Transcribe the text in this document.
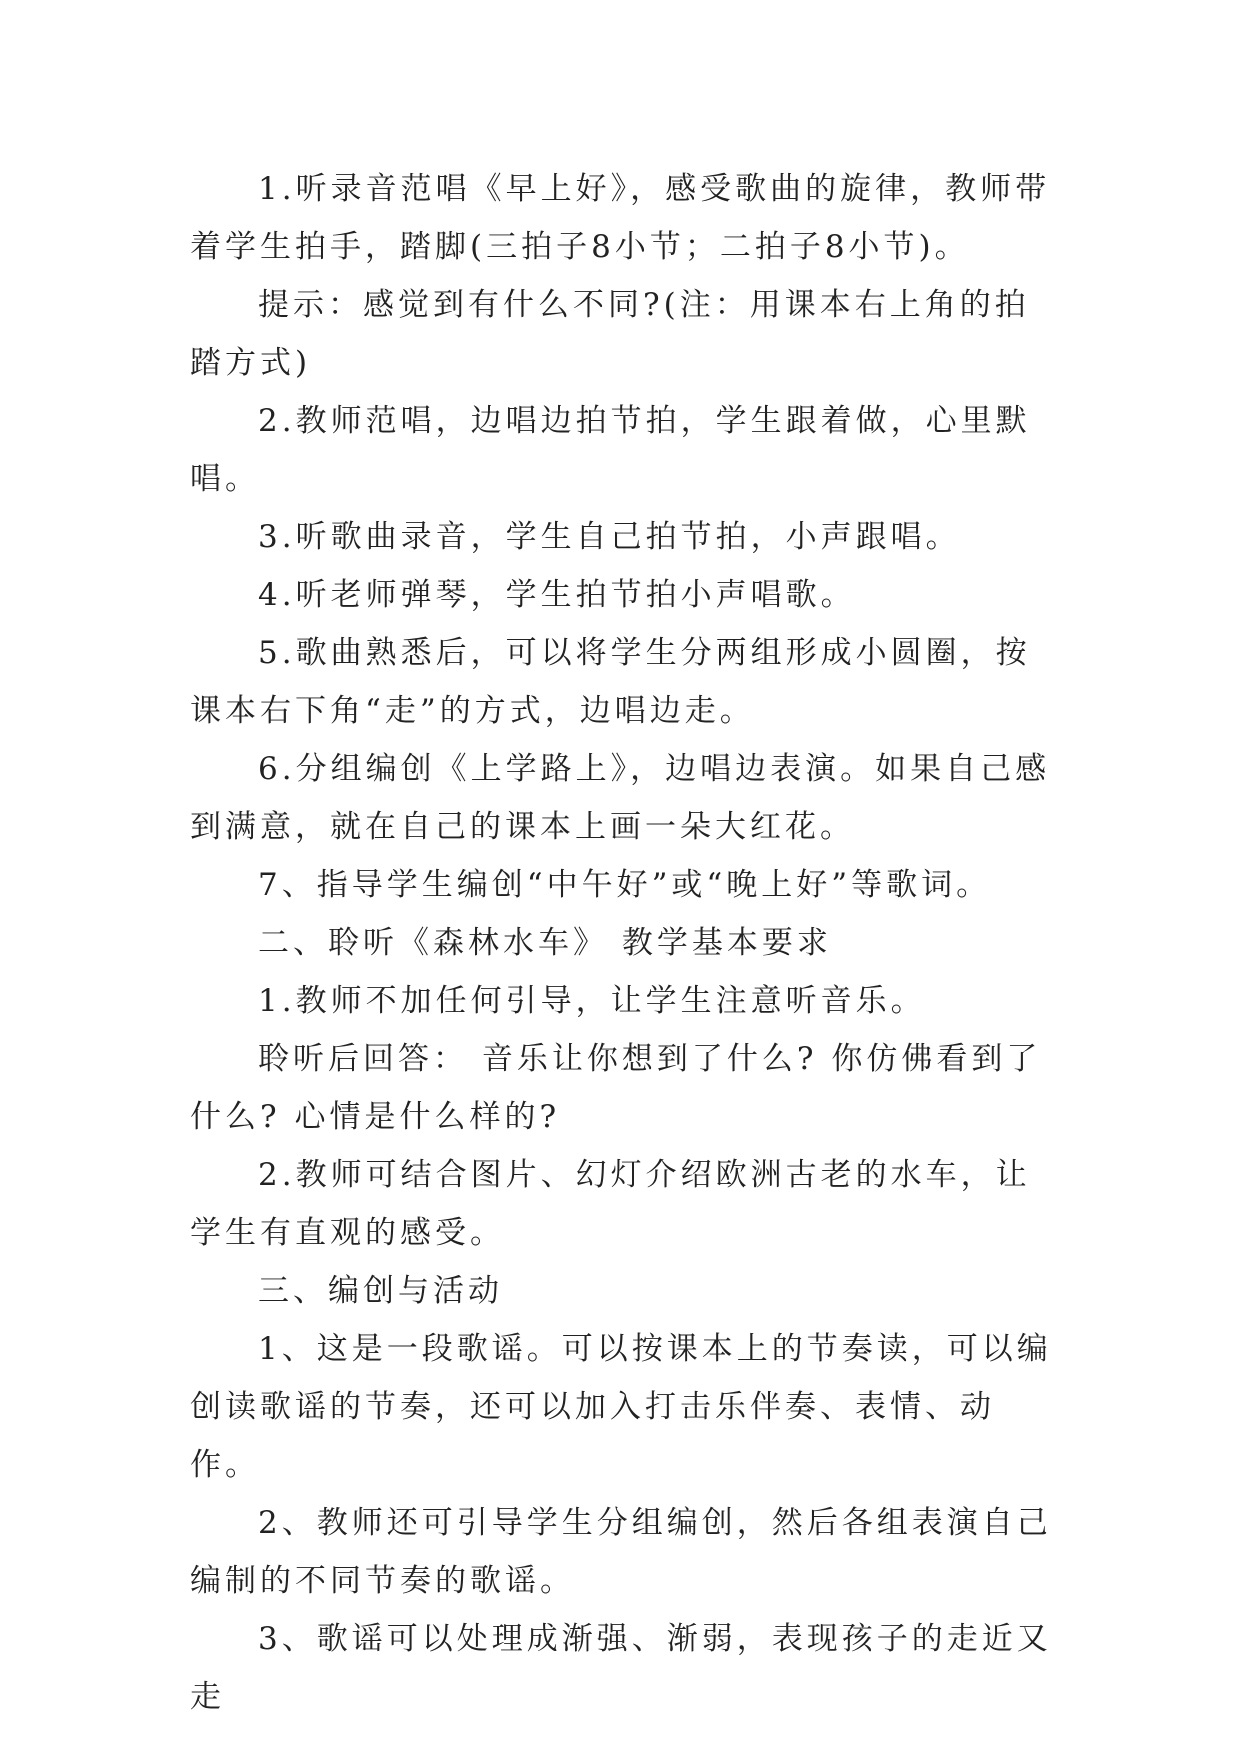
1.听录音范唱《早上好》，感受歌曲的旋律，教师带着学生拍手，踏脚(三拍子8小节；二拍子8小节)。

提示：感觉到有什么不同?(注：用课本右上角的拍踏方式)

2.教师范唱，边唱边拍节拍，学生跟着做，心里默唱。

3.听歌曲录音，学生自己拍节拍，小声跟唱。

4.听老师弹琴，学生拍节拍小声唱歌。

5.歌曲熟悉后，可以将学生分两组形成小圆圈，按课本右下角“走”的方式，边唱边走。

6.分组编创《上学路上》，边唱边表演。如果自己感到满意，就在自己的课本上画一朵大红花。

7、指导学生编创“中午好”或“晚上好”等歌词。

二、聆听《森林水车》 教学基本要求

1.教师不加任何引导，让学生注意听音乐。

聆听后回答： 音乐让你想到了什么? 你仿佛看到了什么? 心情是什么样的?

2.教师可结合图片、幻灯介绍欧洲古老的水车，让学生有直观的感受。

三、编创与活动

1、这是一段歌谣。可以按课本上的节奏读，可以编创读歌谣的节奏，还可以加入打击乐伴奏、表情、动作。

2、教师还可引导学生分组编创，然后各组表演自己编制的不同节奏的歌谣。

3、歌谣可以处理成渐强、渐弱，表现孩子的走近又走
